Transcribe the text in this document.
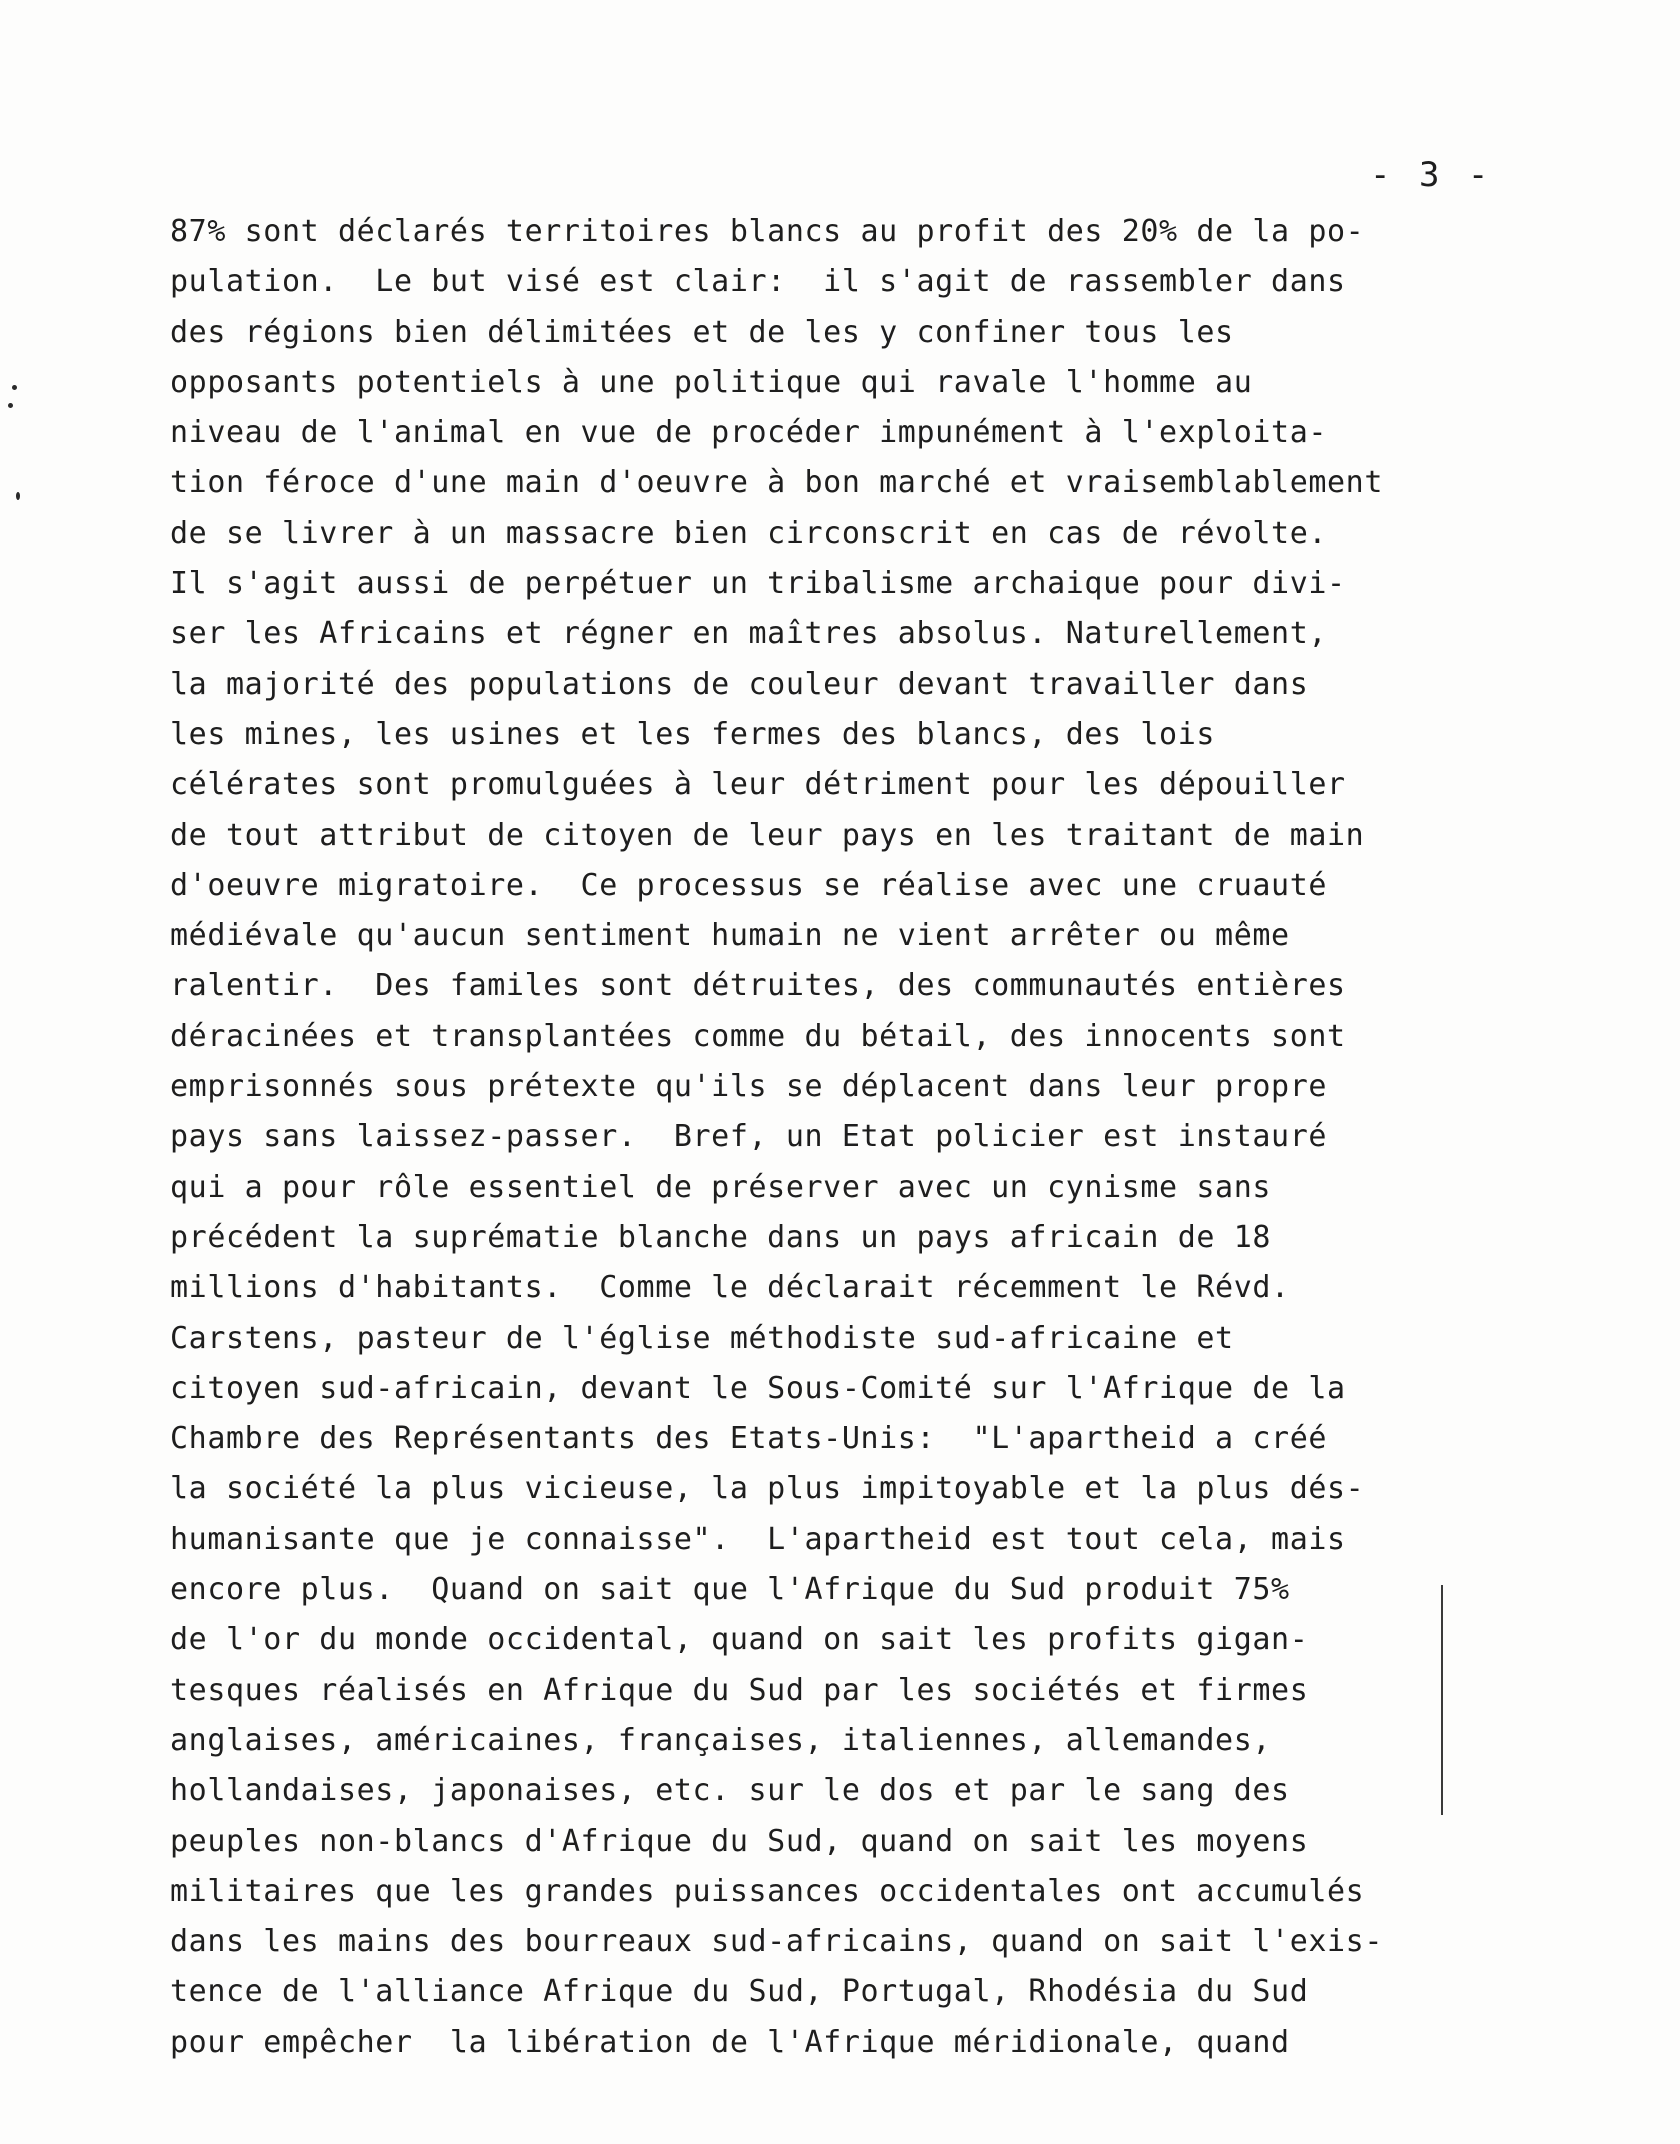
- 3 -
87% sont déclarés territoires blancs au profit des 20% de la po-
pulation.  Le but visé est clair:  il s'agit de rassembler dans
des régions bien délimitées et de les y confiner tous les
opposants potentiels à une politique qui ravale l'homme au
niveau de l'animal en vue de procéder impunément à l'exploita-
tion féroce d'une main d'oeuvre à bon marché et vraisemblablement
de se livrer à un massacre bien circonscrit en cas de révolte.
Il s'agit aussi de perpétuer un tribalisme archaique pour divi-
ser les Africains et régner en maîtres absolus. Naturellement,
la majorité des populations de couleur devant travailler dans
les mines, les usines et les fermes des blancs, des lois
célérates sont promulguées à leur détriment pour les dépouiller
de tout attribut de citoyen de leur pays en les traitant de main
d'oeuvre migratoire.  Ce processus se réalise avec une cruauté
médiévale qu'aucun sentiment humain ne vient arrêter ou même
ralentir.  Des familes sont détruites, des communautés entières
déracinées et transplantées comme du bétail, des innocents sont
emprisonnés sous prétexte qu'ils se déplacent dans leur propre
pays sans laissez-passer.  Bref, un Etat policier est instauré
qui a pour rôle essentiel de préserver avec un cynisme sans
précédent la suprématie blanche dans un pays africain de 18
millions d'habitants.  Comme le déclarait récemment le Révd.
Carstens, pasteur de l'église méthodiste sud-africaine et
citoyen sud-africain, devant le Sous-Comité sur l'Afrique de la
Chambre des Représentants des Etats-Unis:  "L'apartheid a créé
la société la plus vicieuse, la plus impitoyable et la plus dés-
humanisante que je connaisse".  L'apartheid est tout cela, mais
encore plus.  Quand on sait que l'Afrique du Sud produit 75%
de l'or du monde occidental, quand on sait les profits gigan-
tesques réalisés en Afrique du Sud par les sociétés et firmes
anglaises, américaines, françaises, italiennes, allemandes,
hollandaises, japonaises, etc. sur le dos et par le sang des
peuples non-blancs d'Afrique du Sud, quand on sait les moyens
militaires que les grandes puissances occidentales ont accumulés
dans les mains des bourreaux sud-africains, quand on sait l'exis-
tence de l'alliance Afrique du Sud, Portugal, Rhodésia du Sud
pour empêcher  la libération de l'Afrique méridionale, quand
